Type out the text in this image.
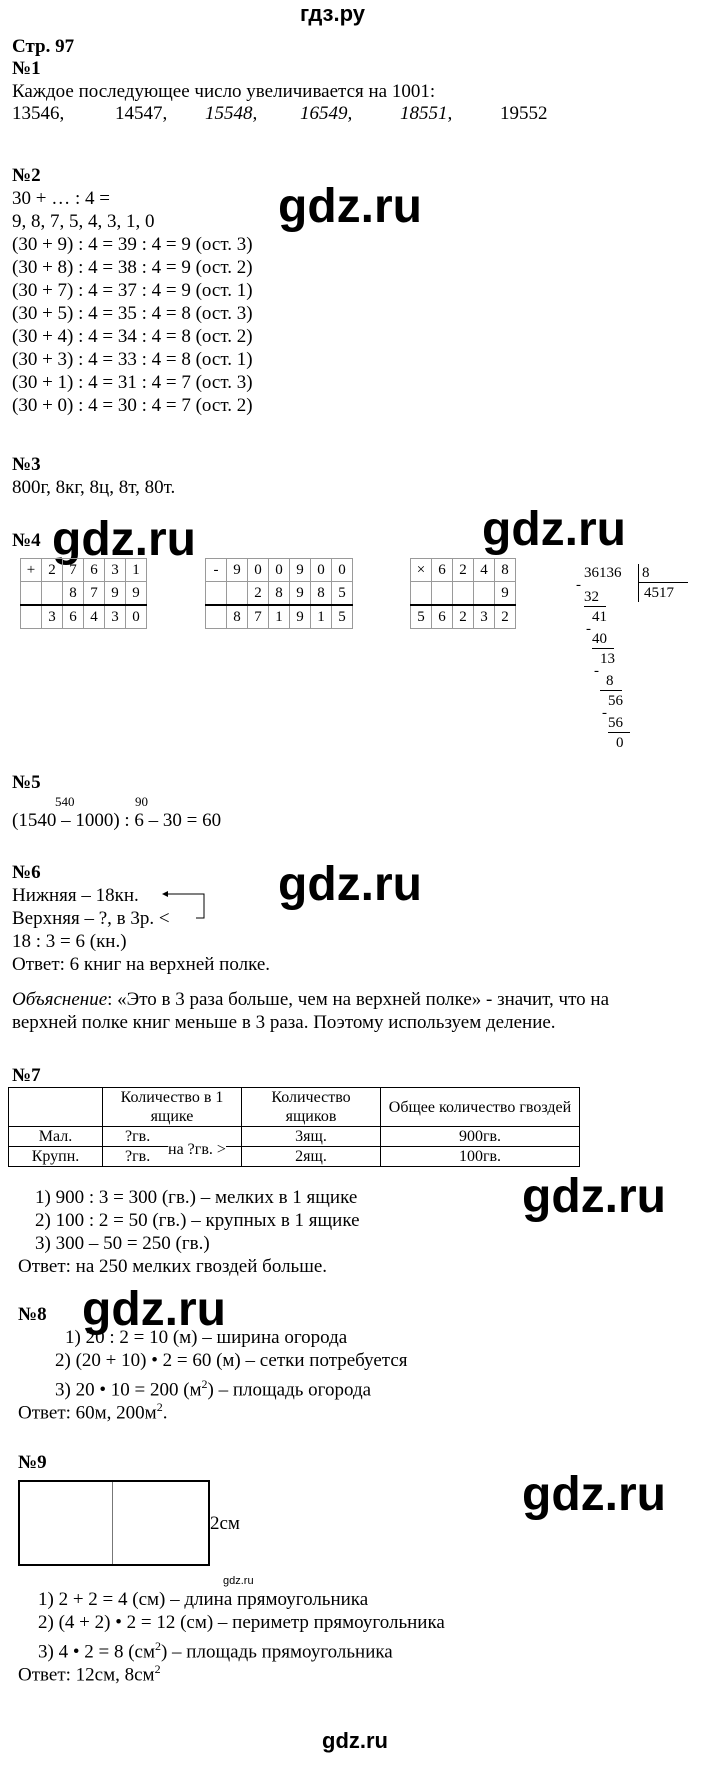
гдз.ру
Стр. 97
№1
Каждое последующее число увеличивается на 1001:
13546,	14547, 15548, 16549,	18551,	19552
№2
30 + … : 4 =
9, 8, 7, 5, 4, 3, 1, 0
(30 + 9) : 4 = 39 : 4 = 9 (ост. 3)
(30 + 8) : 4 = 38 : 4 = 9 (ост. 2)
(30 + 7) : 4 = 37 : 4 = 9 (ост. 1)
(30 + 5) : 4 = 35 : 4 = 8 (ост. 3)
(30 + 4) : 4 = 34 : 4 = 8 (ост. 2)
(30 + 3) : 4 = 33 : 4 = 8 (ост. 1)
(30 + 1) : 4 = 31 : 4 = 7 (ост. 3)
(30 + 0) : 4 = 30 : 4 = 7 (ост. 2)
gdz.ru
№3
800г, 8кг, 8ц, 8т, 80т.
№4 gdz.ru	gdz.ru
+	2	7	6	3	1
		8	7	9	9
	3	6	4	3	0
-	9	0	0	9	0	0
		2	8	9	8	5
	8	7	1	9	1	5
×	6	2	4	8
				9
5	6	2	3	2
36136 8
4517
-
32
41
-
40
13
-
8
56
-
56
0
№5
540	90
(1540 – 1000) : 6 – 30 = 60
№6
Нижняя – 18кн.
Верхняя – ?, в 3р. <
18 : 3 = 6 (кн.)
Ответ: 6 книг на верхней полке.
gdz.ru
Объяснение: «Это в 3 раза больше, чем на верхней полке» - значит, что на
верхней полке книг меньше в 3 раза. Поэтому используем деление.
№7
	Количество в 1 ящике	Количество ящиков	Общее количество гвоздей
Мал.	?гв.	3ящ.	900гв.
Крупн.	?гв.	2ящ.	100гв.
на ?гв. >
1) 900 : 3 = 300 (гв.) – мелких в 1 ящике
2) 100 : 2 = 50 (гв.) – крупных в 1 ящике
3) 300 – 50 = 250 (гв.)
Ответ: на 250 мелких гвоздей больше.
gdz.ru
№8 gdz.ru
1) 20 : 2 = 10 (м) – ширина огорода
2) (20 + 10) • 2 = 60 (м) – сетки потребуется
3) 20 • 10 = 200 $(м^2)$ – площадь огорода
Ответ: 60м, $200м^2$.
№9
2см
gdz.ru
gdz.ru
1) 2 + 2 = 4 (см) – длина прямоугольника
2) (4 + 2) • 2 = 12 (см) – периметр прямоугольника
3) 4 • 2 = 8 $(см^2)$ – площадь прямоугольника
Ответ: 12см, $8см^2$
gdz.ru
